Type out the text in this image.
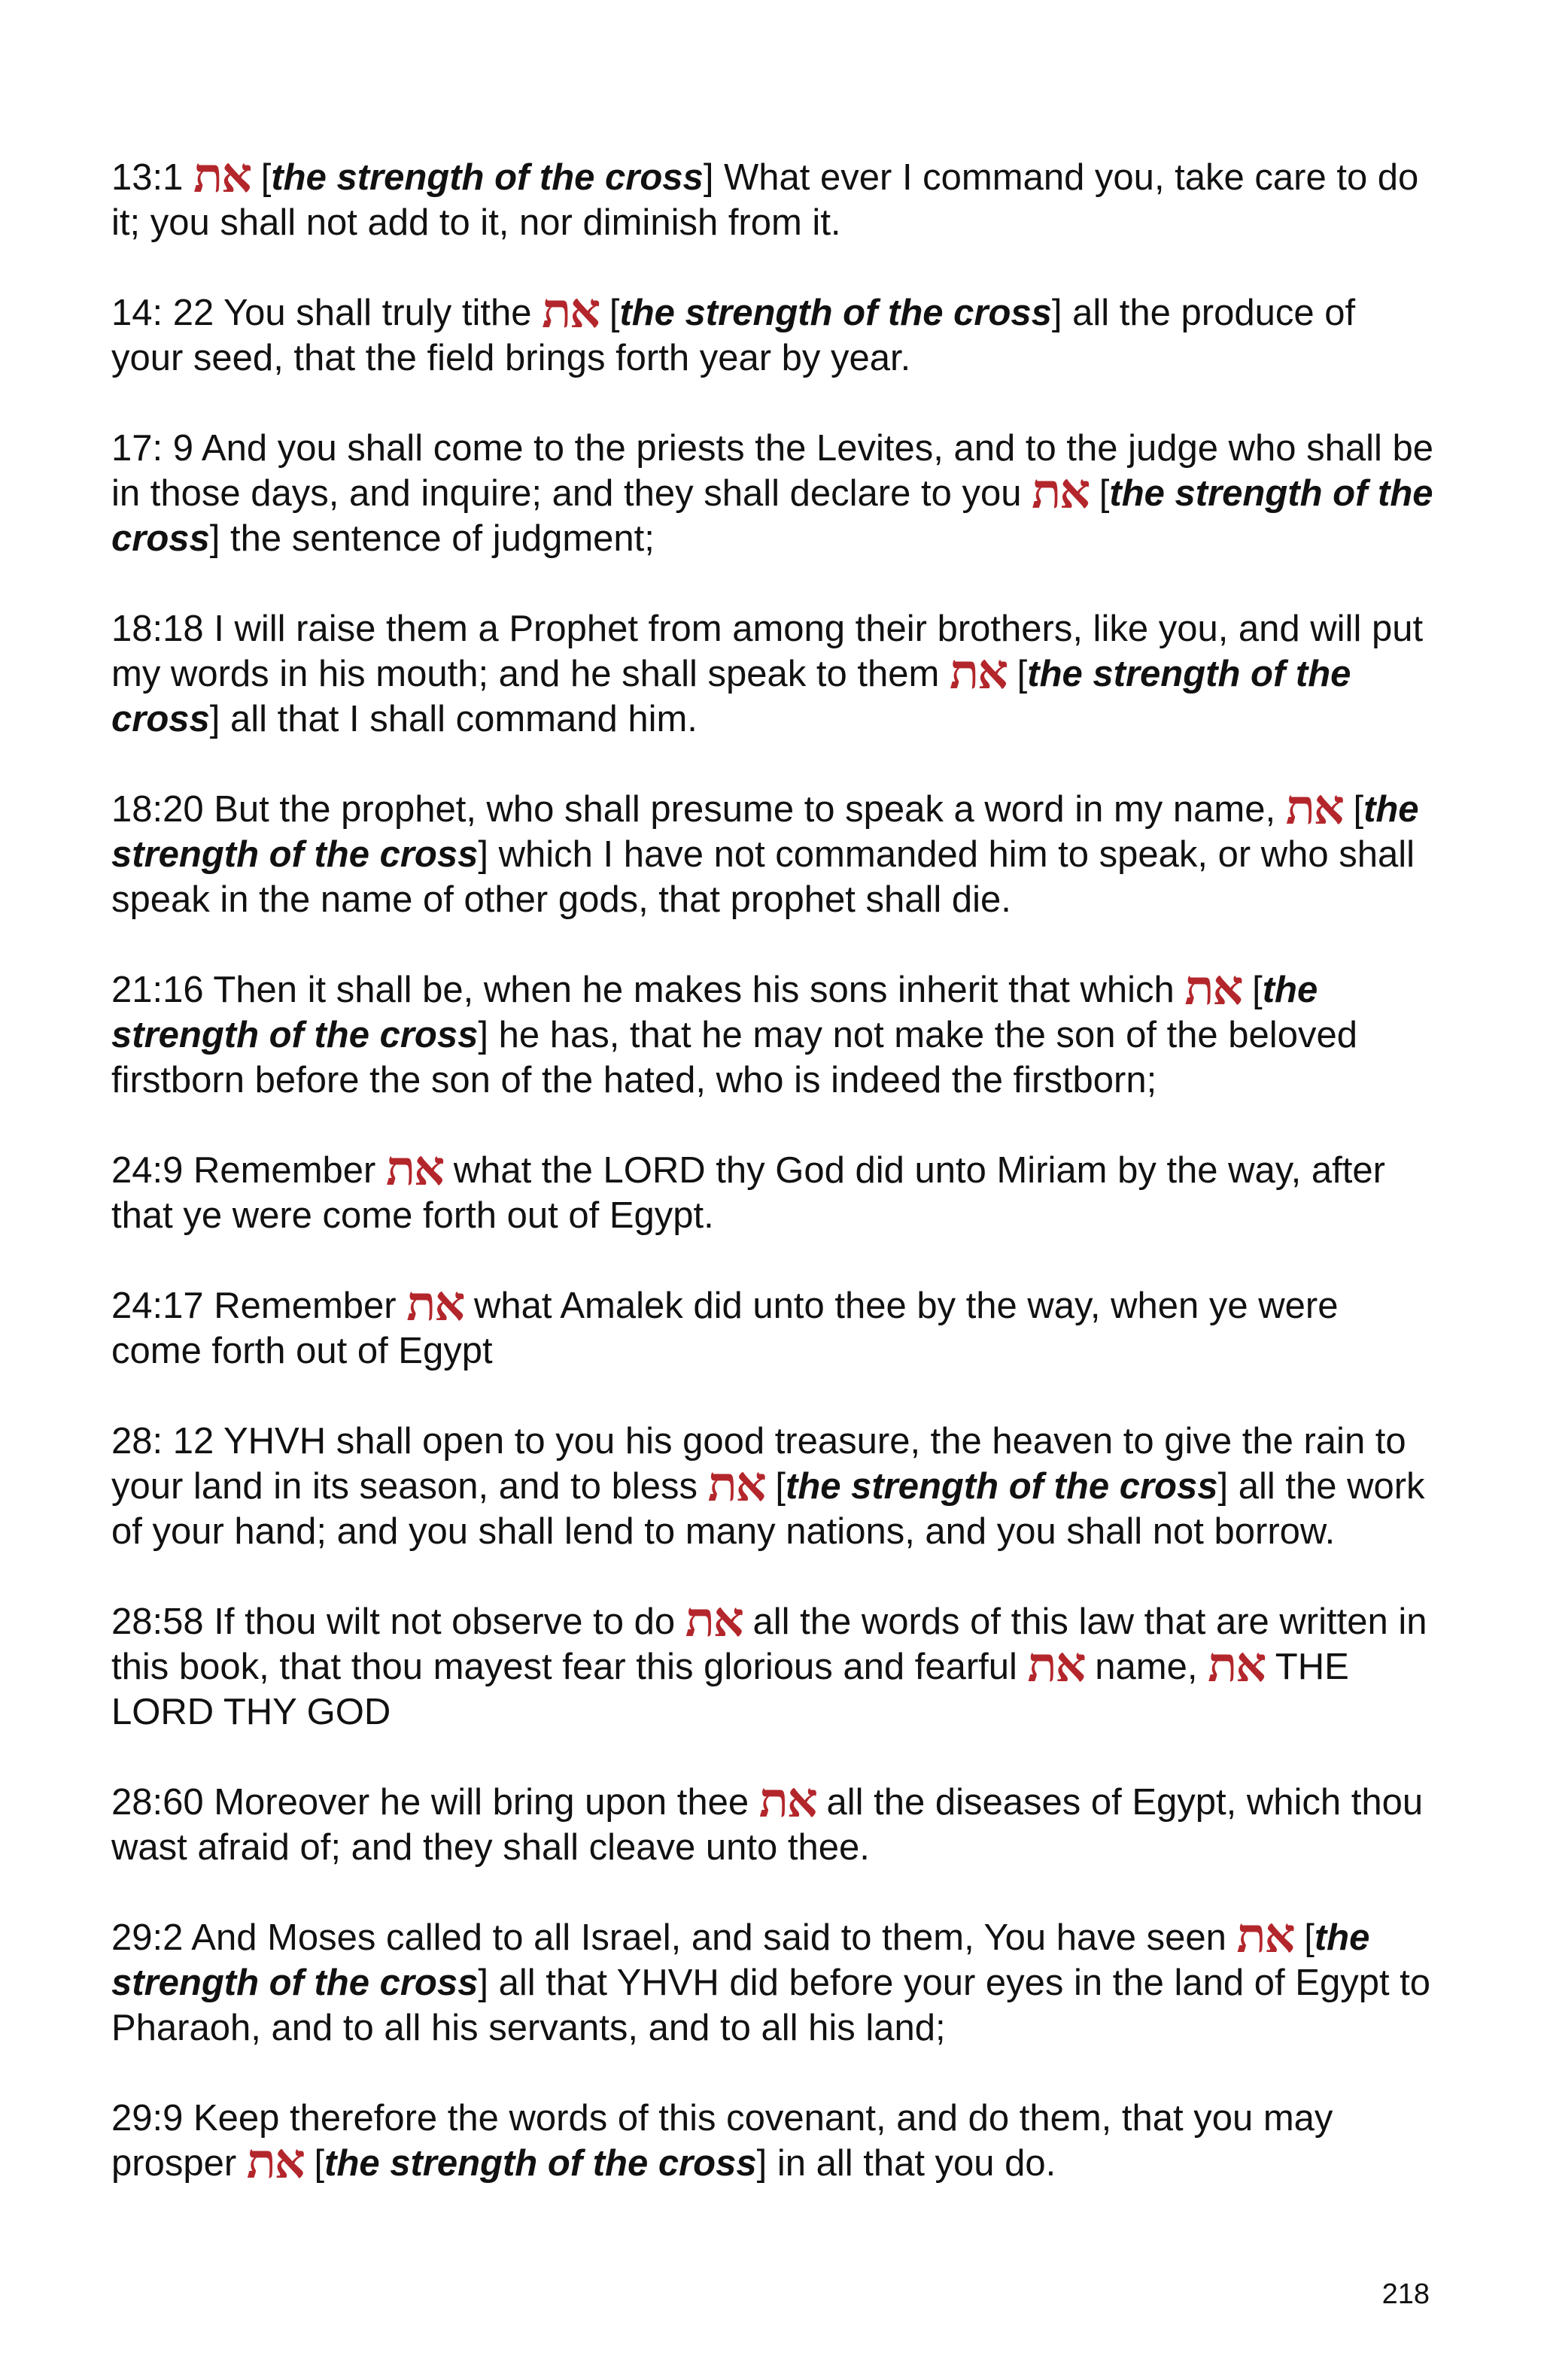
13:1 את [the strength of the cross] What ever I command you, take care to do it; you shall not add to it, nor diminish from it.

14: 22 You shall truly tithe את [the strength of the cross] all the produce of your seed, that the field brings forth year by year.

17: 9 And you shall come to the priests the Levites, and to the judge who shall be in those days, and inquire; and they shall declare to you את [the strength of the cross] the sentence of judgment;

18:18 I will raise them a Prophet from among their brothers, like you, and will put my words in his mouth; and he shall speak to them את [the strength of the cross] all that I shall command him.

18:20 But the prophet, who shall presume to speak a word in my name, את [the strength of the cross] which I have not commanded him to speak, or who shall speak in the name of other gods, that prophet shall die.

21:16 Then it shall be, when he makes his sons inherit that which את [the strength of the cross] he has, that he may not make the son of the beloved firstborn before the son of the hated, who is indeed the firstborn;

24:9 Remember את what the LORD thy God did unto Miriam by the way, after that ye were come forth out of Egypt.

24:17 Remember את what Amalek did unto thee by the way, when ye were come forth out of Egypt

28: 12 YHVH shall open to you his good treasure, the heaven to give the rain to your land in its season, and to bless את [the strength of the cross] all the work of your hand; and you shall lend to many nations, and you shall not borrow.

28:58 If thou wilt not observe to do את all the words of this law that are written in this book, that thou mayest fear this glorious and fearful את name, את THE LORD THY GOD

28:60 Moreover he will bring upon thee את all the diseases of Egypt, which thou wast afraid of; and they shall cleave unto thee.

29:2 And Moses called to all Israel, and said to them, You have seen את [the strength of the cross] all that YHVH did before your eyes in the land of Egypt to Pharaoh, and to all his servants, and to all his land;

29:9 Keep therefore the words of this covenant, and do them, that you may prosper את [the strength of the cross] in all that you do.

218
